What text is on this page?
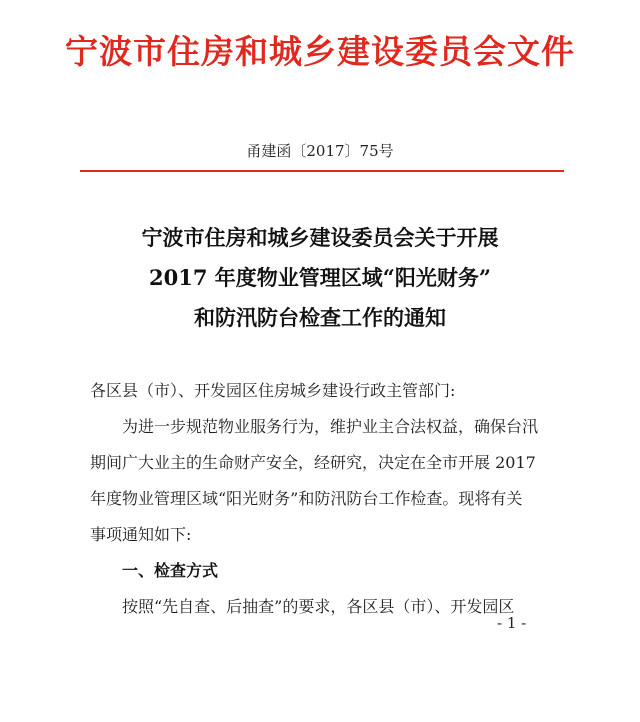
宁波市住房和城乡建设委员会文件
甬建函〔2017〕75号
宁波市住房和城乡建设委员会关于开展
2017 年度物业管理区域“阳光财务”
和防汛防台检查工作的通知
各区县（市）、开发园区住房城乡建设行政主管部门:
为进一步规范物业服务行为，维护业主合法权益，确保台汛
期间广大业主的生命财产安全，经研究，决定在全市开展 2017
年度物业管理区域“阳光财务”和防汛防台工作检查。现将有关
事项通知如下:
一、检查方式
按照“先自查、后抽查”的要求，各区县（市）、开发园区
- 1 -
